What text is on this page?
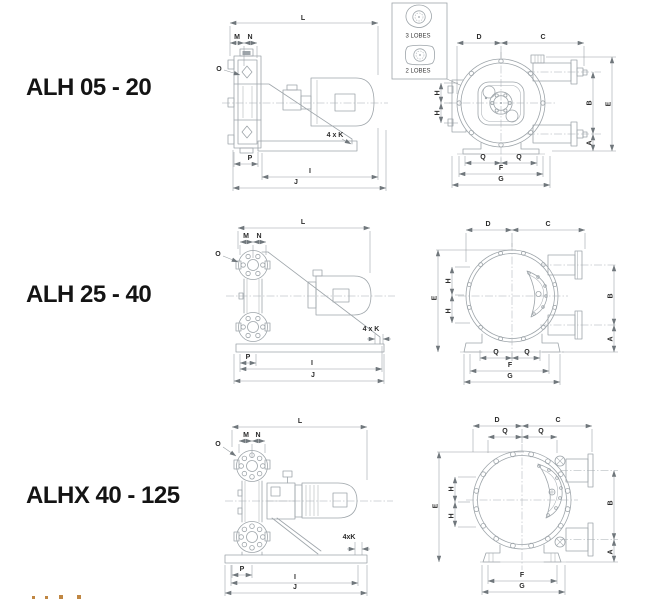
ALH 05 - 20
L
M N
O
4 x K
P
I
J
3 LOBES
2 LOBES
D	C
H
H
B E
A
Q	Q
F
G
ALH 25 - 40
L
M N
O
4 x K
P
I
J
D	C
E
H
H
B
A
Q	Q
F
G
ALHX 40 - 125
L
M N
O
4xK
P
I
J
D	C
Q	Q
E
H
H
B
A
F
G
